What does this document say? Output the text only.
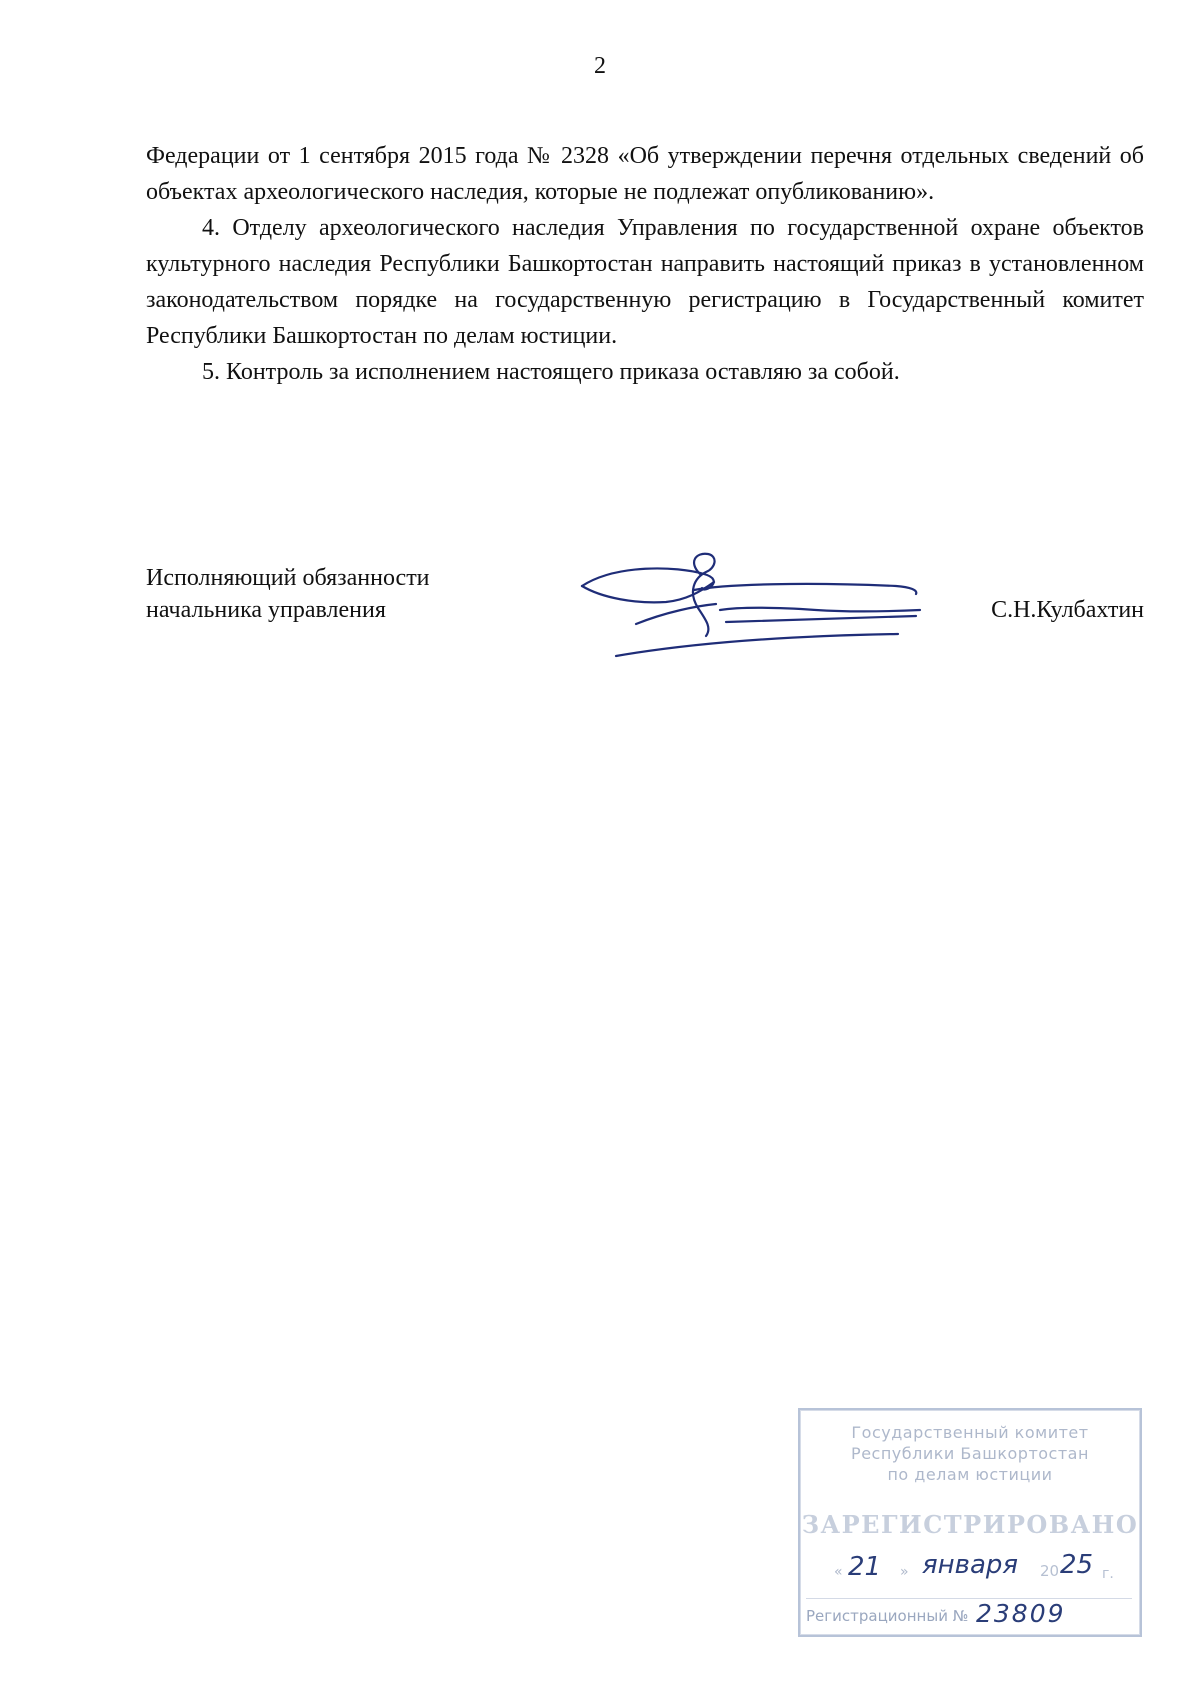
2

Федерации от 1 сентября 2015 года № 2328 «Об утверждении перечня отдельных сведений об объектах археологического наследия, которые не подлежат опубликованию».

4. Отделу археологического наследия Управления по государственной охране объектов культурного наследия Республики Башкортостан направить настоящий приказ в установленном законодательством порядке на государственную регистрацию в Государственный комитет Республики Башкортостан по делам юстиции.

5. Контроль за исполнением настоящего приказа оставляю за собой.

Исполняющий обязанности
начальника управления	С.Н.Кулбахтин
Государственный комитет
Республики Башкортостан
по делам юстиции
ЗАРЕГИСТРИРОВАНО
« 21 » января 20 25 г.
Регистрационный № 23809
